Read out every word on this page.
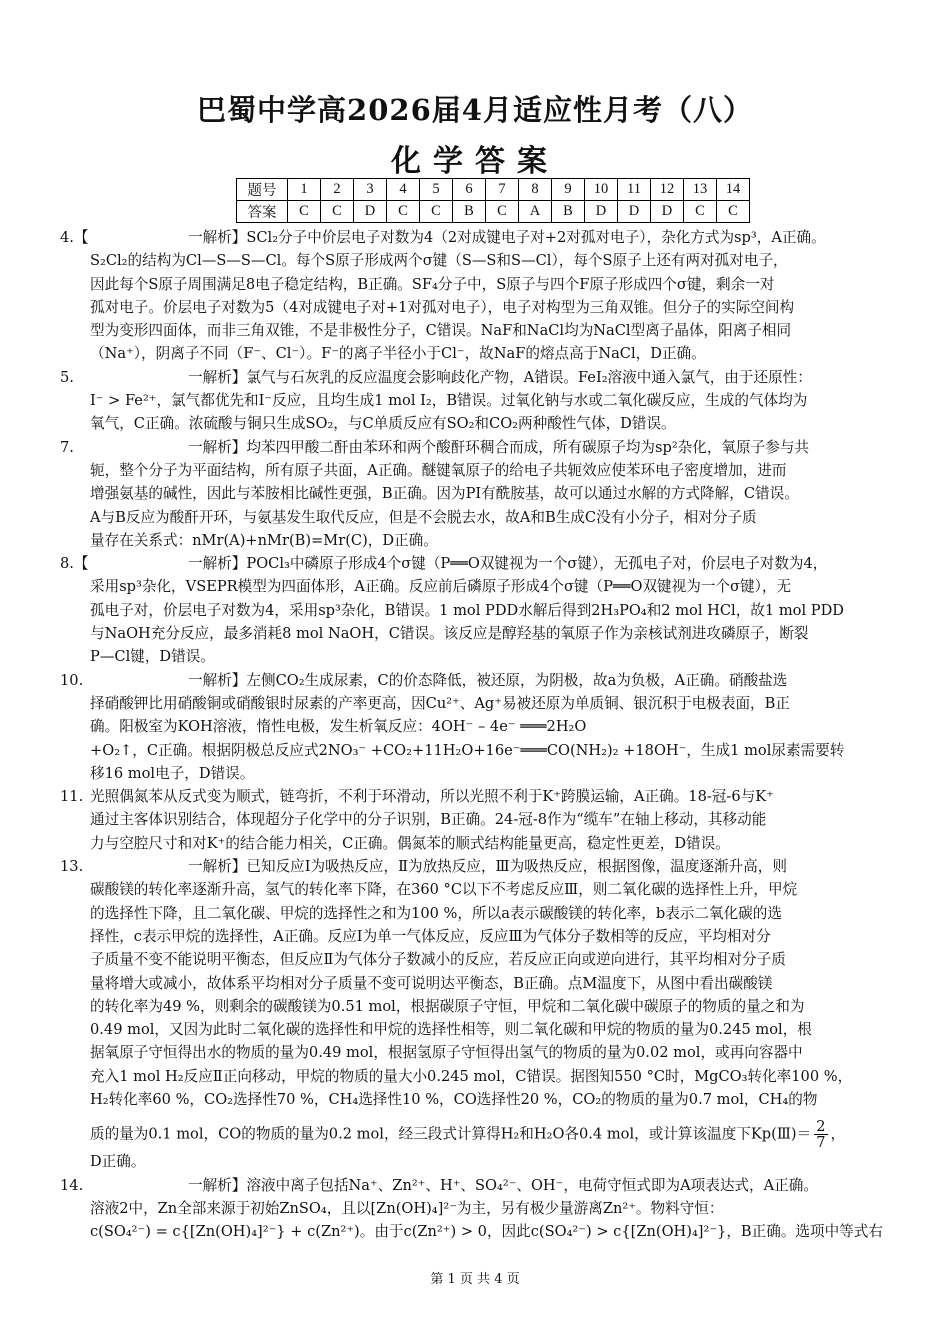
巴蜀中学高2026届4月适应性月考（八）
化学答案
题号	1	2	3	4	5	6	7	8	9	10	11	12	13	14
答案	C	C	D	C	C	B	C	A	B	D	D	D	C	C
4.【	一解析】SCl₂分子中价层电子对数为4（2对成键电子对+2对孤对电子），杂化方式为sp³，A正确。
S₂Cl₂的结构为Cl—S—S—Cl。每个S原子形成两个σ键（S—S和S—Cl），每个S原子上还有两对孤对电子，
因此每个S原子周围满足8电子稳定结构，B正确。SF₄分子中，S原子与四个F原子形成四个σ键，剩余一对
孤对电子。价层电子对数为5（4对成键电子对+1对孤对电子），电子对构型为三角双锥。但分子的实际空间构
型为变形四面体，而非三角双锥，不是非极性分子，C错误。NaF和NaCl均为NaCl型离子晶体，阳离子相同
（Na⁺），阴离子不同（F⁻、Cl⁻）。F⁻的离子半径小于Cl⁻，故NaF的熔点高于NaCl，D正确。
5.	一解析】氯气与石灰乳的反应温度会影响歧化产物，A错误。FeI₂溶液中通入氯气，由于还原性：
I⁻ > Fe²⁺，氯气都优先和I⁻反应，且均生成1 mol I₂，B错误。过氧化钠与水或二氧化碳反应，生成的气体均为
氧气，C正确。浓硫酸与铜只生成SO₂，与C单质反应有SO₂和CO₂两种酸性气体，D错误。
7.	一解析】均苯四甲酸二酐由苯环和两个酸酐环稠合而成，所有碳原子均为sp²杂化，氧原子参与共
轭，整个分子为平面结构，所有原子共面，A正确。醚键氧原子的给电子共轭效应使苯环电子密度增加，进而
增强氨基的碱性，因此与苯胺相比碱性更强，B正确。因为PI有酰胺基，故可以通过水解的方式降解，C错误。
A与B反应为酸酐开环，与氨基发生取代反应，但是不会脱去水，故A和B生成C没有小分子，相对分子质
量存在关系式：nMr(A)+nMr(B)=Mr(C)，D正确。
8.【	一解析】POCl₃中磷原子形成4个σ键（P══O双键视为一个σ键），无孤电子对，价层电子对数为4，
采用sp³杂化，VSEPR模型为四面体形，A正确。反应前后磷原子形成4个σ键（P══O双键视为一个σ键），无
孤电子对，价层电子对数为4，采用sp³杂化，B错误。1 mol PDD水解后得到2H₃PO₄和2 mol HCl，故1 mol PDD
与NaOH充分反应，最多消耗8 mol NaOH，C错误。该反应是醇羟基的氧原子作为亲核试剂进攻磷原子，断裂
P—Cl键，D错误。
10.	一解析】左侧CO₂生成尿素，C的价态降低，被还原，为阴极，故a为负极，A正确。硝酸盐选
择硝酸钾比用硝酸铜或硝酸银时尿素的产率更高，因Cu²⁺、Ag⁺易被还原为单质铜、银沉积于电极表面，B正
确。阳极室为KOH溶液，惰性电极，发生析氧反应：4OH⁻ – 4e⁻ ═══2H₂O
+O₂↑，C正确。根据阴极总反应式2NO₃⁻ +CO₂+11H₂O+16e⁻═══CO(NH₂)₂ +18OH⁻，生成1 mol尿素需要转
移16 mol电子，D错误。
11. 光照偶氮苯从反式变为顺式，链弯折，不利于环滑动，所以光照不利于K⁺跨膜运输，A正确。18-冠-6与K⁺
通过主客体识别结合，体现超分子化学中的分子识别，B正确。24-冠-8作为“缆车”在轴上移动，其移动能
力与空腔尺寸和对K⁺的结合能力相关，C正确。偶氮苯的顺式结构能量更高，稳定性更差，D错误。
13.	一解析】已知反应Ⅰ为吸热反应，Ⅱ为放热反应，Ⅲ为吸热反应，根据图像，温度逐渐升高，则
碳酸镁的转化率逐渐升高，氢气的转化率下降，在360 °C以下不考虑反应Ⅲ，则二氧化碳的选择性上升，甲烷
的选择性下降，且二氧化碳、甲烷的选择性之和为100 %，所以a表示碳酸镁的转化率，b表示二氧化碳的选
择性，c表示甲烷的选择性，A正确。反应Ⅰ为单一气体反应，反应Ⅲ为气体分子数相等的反应，平均相对分
子质量不变不能说明平衡态，但反应Ⅱ为气体分子数减小的反应，若反应正向或逆向进行，其平均相对分子质
量将增大或减小，故体系平均相对分子质量不变可说明达平衡态，B正确。点M温度下，从图中看出碳酸镁
的转化率为49 %，则剩余的碳酸镁为0.51 mol，根据碳原子守恒，甲烷和二氧化碳中碳原子的物质的量之和为
0.49 mol，又因为此时二氧化碳的选择性和甲烷的选择性相等，则二氧化碳和甲烷的物质的量为0.245 mol，根
据氧原子守恒得出水的物质的量为0.49 mol，根据氢原子守恒得出氢气的物质的量为0.02 mol，或再向容器中
充入1 mol H₂反应Ⅱ正向移动，甲烷的物质的量大小0.245 mol，C错误。据图知550 °C时，MgCO₃转化率100 %，
H₂转化率60 %，CO₂选择性70 %，CH₄选择性10 %，CO选择性20 %，CO₂的物质的量为0.7 mol，CH₄的物
质的量为0.1 mol，CO的物质的量为0.2 mol，经三段式计算得H₂和H₂O各0.4 mol，或计算该温度下Kp(Ⅲ)＝ $\frac{2}{7}$ ，
D正确。
14.	一解析】溶液中离子包括Na⁺、Zn²⁺、H⁺、SO₄²⁻、OH⁻，电荷守恒式即为A项表达式，A正确。
溶液2中，Zn全部来源于初始ZnSO₄，且以[Zn(OH)₄]²⁻为主，另有极少量游离Zn²⁺。物料守恒：
c(SO₄²⁻) = c{[Zn(OH)₄]²⁻} + c(Zn²⁺)。由于c(Zn²⁺) > 0，因此c(SO₄²⁻) > c{[Zn(OH)₄]²⁻}，B正确。选项中等式右
第 1 页 共 4 页
